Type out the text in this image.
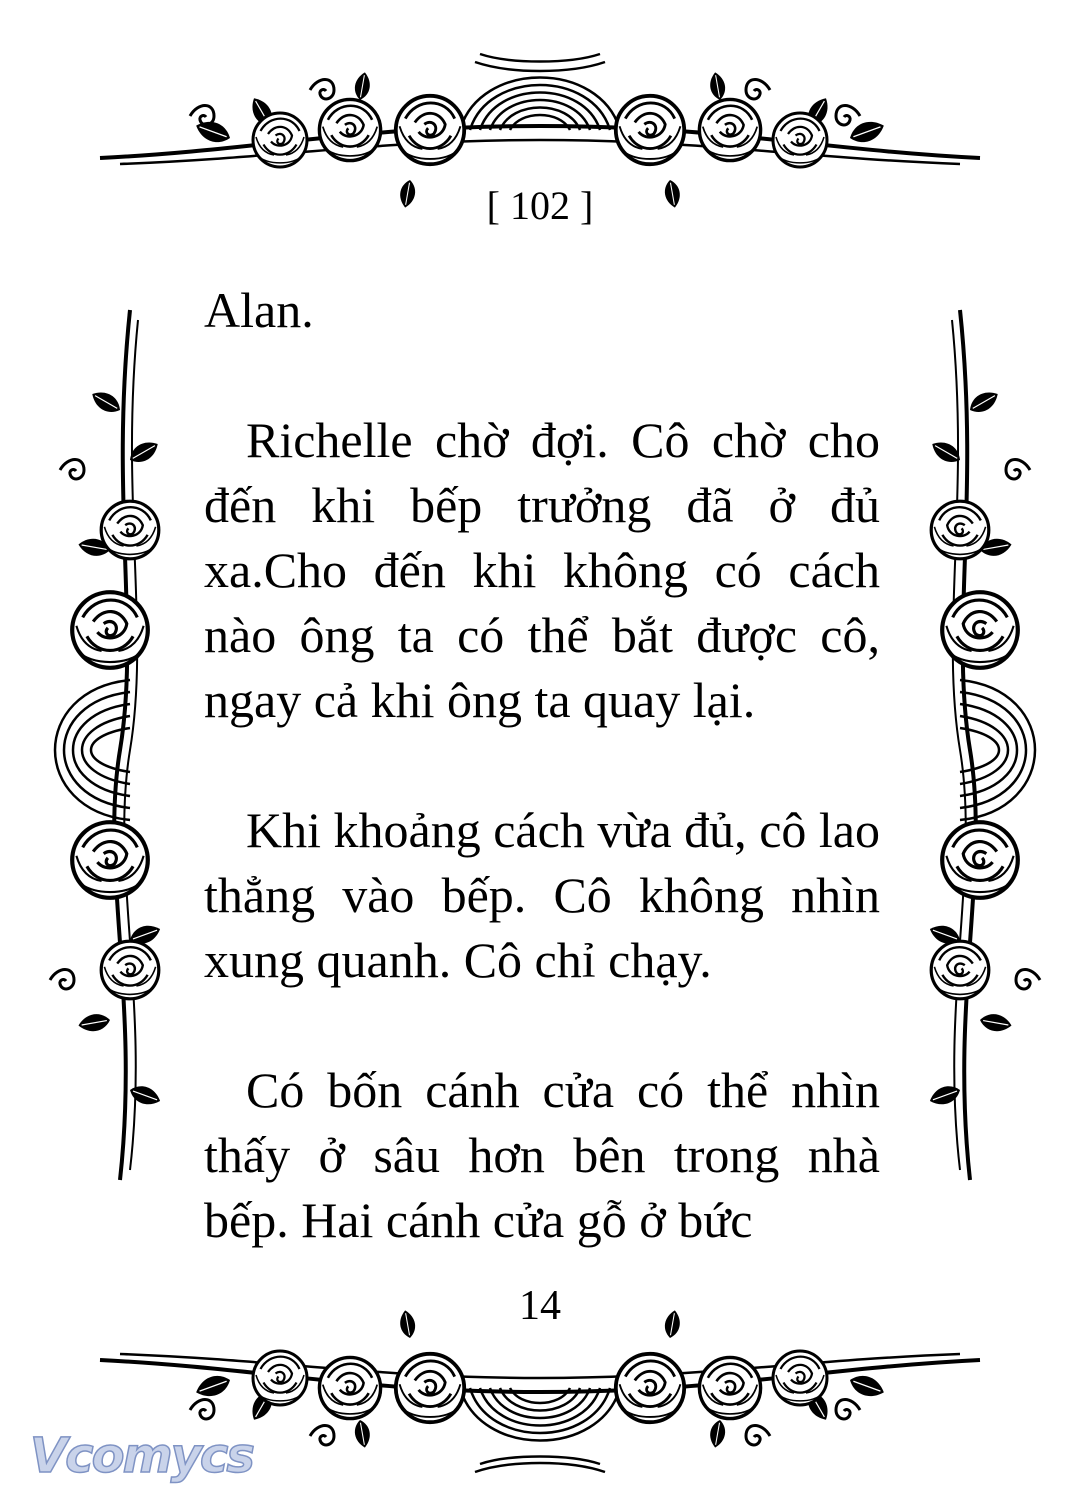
[ 102 ]

Alan.

Richelle chờ đợi. Cô chờ cho đến khi bếp trưởng đã ở đủ xa.Cho đến khi không có cách nào ông ta có thể bắt được cô, ngay cả khi ông ta quay lại.

Khi khoảng cách vừa đủ, cô lao thẳng vào bếp. Cô không nhìn xung quanh. Cô chỉ chạy.

Có bốn cánh cửa có thể nhìn thấy ở sâu hơn bên trong nhà bếp. Hai cánh cửa gỗ ở bức

14
Vcomycs
